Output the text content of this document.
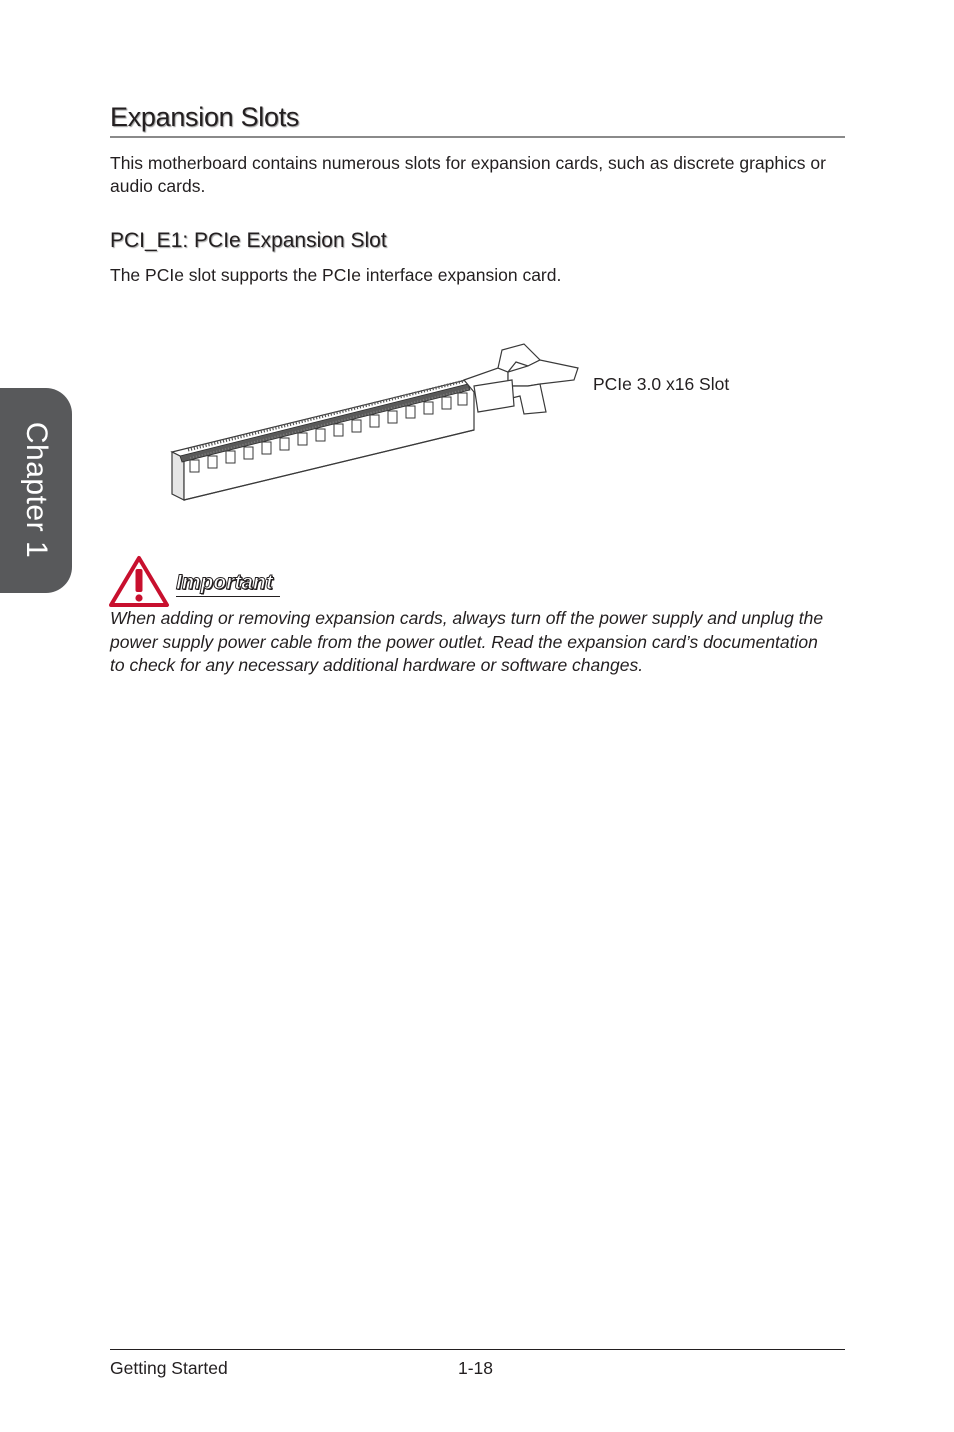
Chapter 1
Expansion Slots

This motherboard contains numerous slots for expansion cards, such as discrete graphics or audio cards.

PCI_E1: PCIe Expansion Slot

The PCIe slot supports the PCIe interface expansion card.

PCIe 3.0 x16 Slot
Important

When adding or removing expansion cards, always turn off the power supply and unplug the power supply power cable from the power outlet. Read the expansion card’s documentation to check for any necessary additional hardware or software changes.

Getting Started	1-18
